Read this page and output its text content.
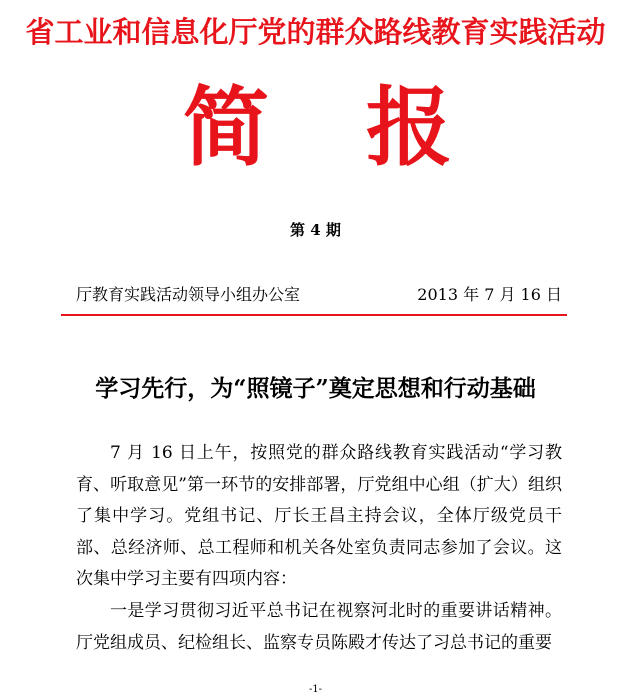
省工业和信息化厅党的群众路线教育实践活动
简 报
第 4 期
厅教育实践活动领导小组办公室	2013 年 7 月 16 日
学习先行，为“照镜子”奠定思想和行动基础

7 月 16 日上午，按照党的群众路线教育实践活动“学习教育、听取意见”第一环节的安排部署，厅党组中心组（扩大）组织了集中学习。党组书记、厅长王昌主持会议，全体厅级党员干部、总经济师、总工程师和机关各处室负责同志参加了会议。这次集中学习主要有四项内容：

一是学习贯彻习近平总书记在视察河北时的重要讲话精神。厅党组成员、纪检组长、监察专员陈殿才传达了习总书记的重要

-1-
